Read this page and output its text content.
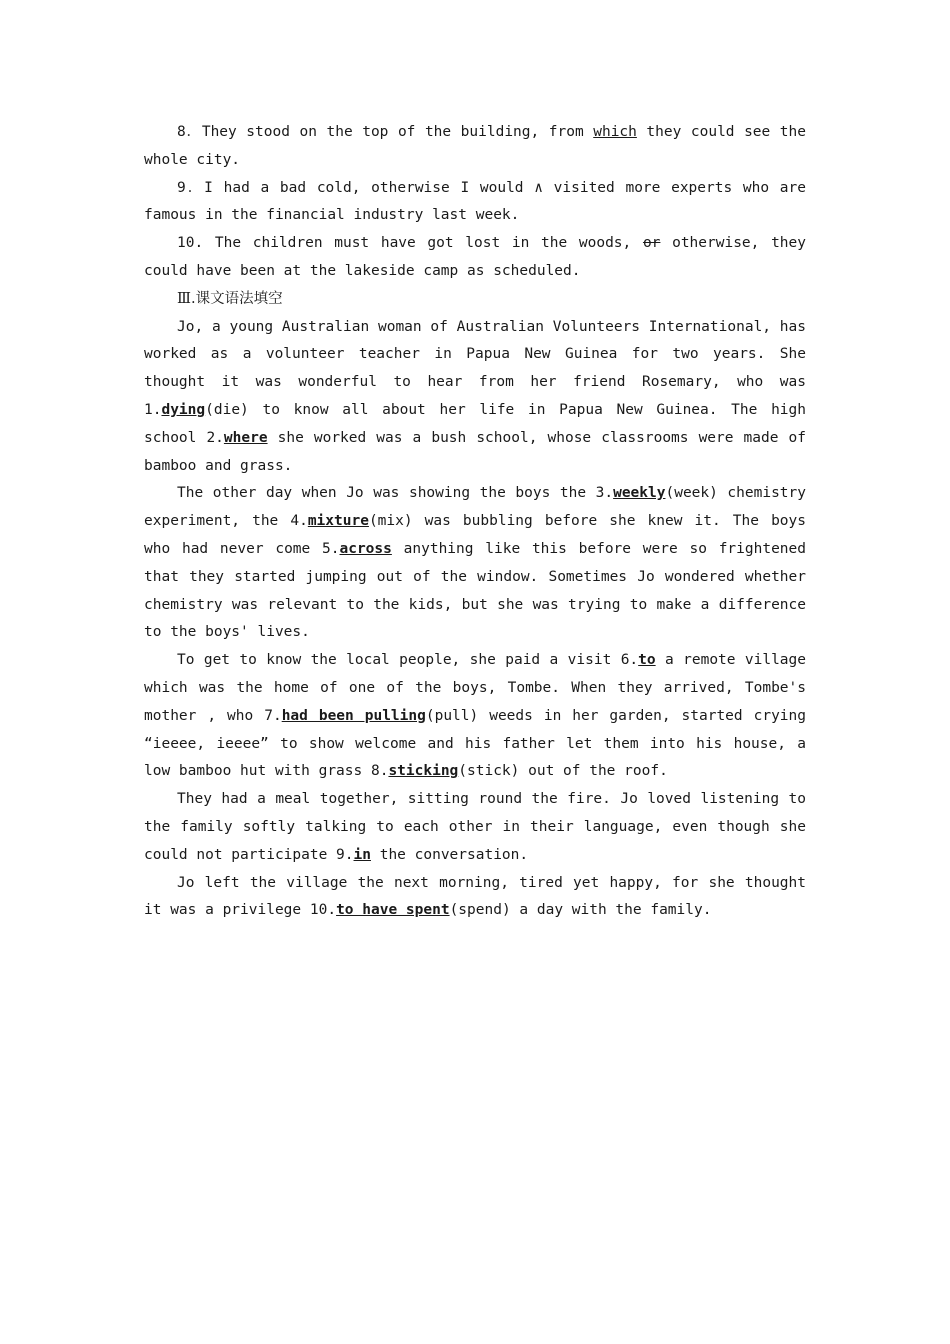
8．They stood on the top of the building, from which they could see the whole city.

9．I had a bad cold, otherwise I would ∧ visited more experts who are famous in the financial industry last week.

10. The children must have got lost in the woods, or otherwise, they could have been at the lakeside camp as scheduled.

Ⅲ.课文语法填空

Jo, a young Australian woman of Australian Volunteers International, has worked as a volunteer teacher in Papua New Guinea for two years. She thought it was wonderful to hear from her friend Rosemary, who was 1.dying(die) to know all about her life in Papua New Guinea. The high school 2.where she worked was a bush school, whose classrooms were made of bamboo and grass.

The other day when Jo was showing the boys the 3.weekly(week) chemistry experiment, the 4.mixture(mix) was bubbling before she knew it. The boys who had never come 5.across anything like this before were so frightened that they started jumping out of the window. Sometimes Jo wondered whether chemistry was relevant to the kids, but she was trying to make a difference to the boys' lives.

To get to know the local people, she paid a visit 6.to a remote village which was the home of one of the boys, Tombe. When they arrived, Tombe's mother , who 7.had been pulling(pull) weeds in her garden, started crying “ieeee, ieeee” to show welcome and his father let them into his house, a low bamboo hut with grass 8.sticking(stick) out of the roof.

They had a meal together, sitting round the fire. Jo loved listening to the family softly talking to each other in their language, even though she could not participate 9.in the conversation.

Jo left the village the next morning, tired yet happy, for she thought it was a privilege 10.to have spent(spend) a day with the family.
